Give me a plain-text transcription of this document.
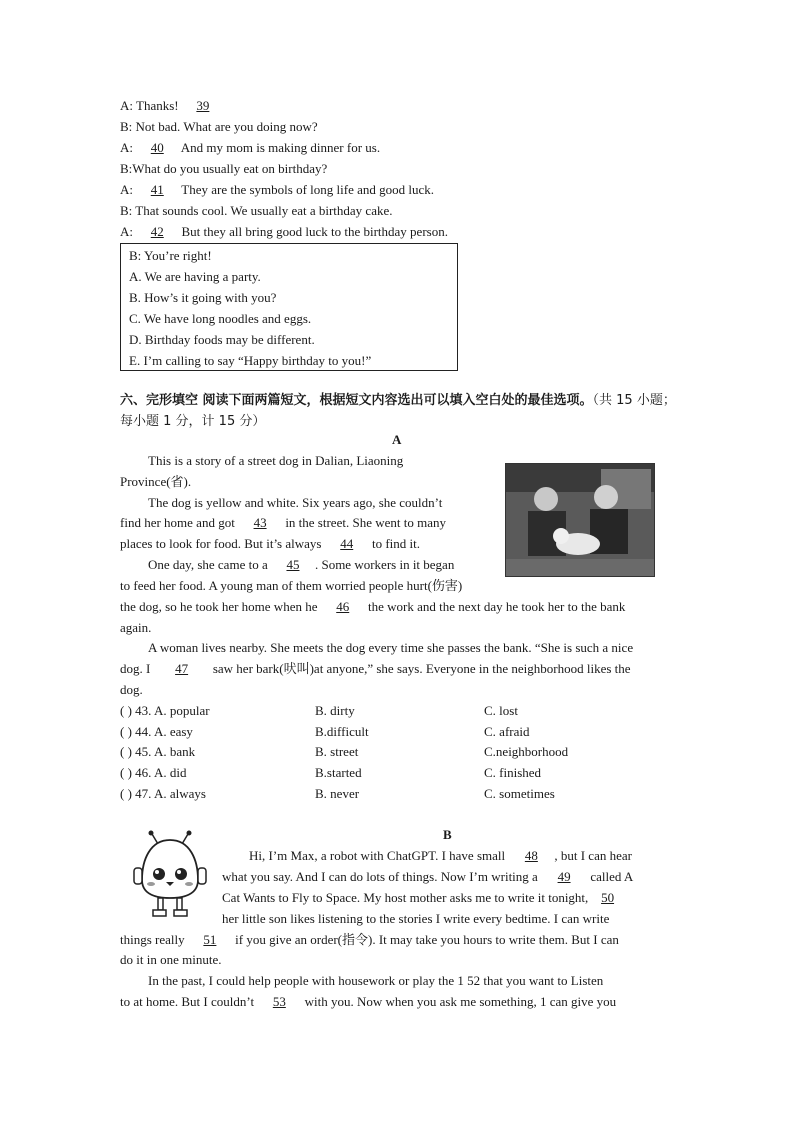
A: Thanks! 39
B: Not bad. What are you doing now?
A: 40 And my mom is making dinner for us.
B:What do you usually eat on birthday?
A: 41 They are the symbols of long life and good luck.
B: That sounds cool. We usually eat a birthday cake.
A: 42 But they all bring good luck to the birthday person.
B: You’re right!
A. We are having a party.
B. How’s it going with you?
C. We have long noodles and eggs.
D. Birthday foods may be different.
E. I’m calling to say “Happy birthday to you!”
六、完形填空 阅读下面两篇短文，根据短文内容选出可以填入空白处的最佳选项。（共 15 小题；每小题 1 分，计 15 分）
A
This is a story of a street dog in Dalian, Liaoning
Province(省).
The dog is yellow and white. Six years ago, she couldn’t
find her home and got 43 in the street. She went to many
places to look for food. But it’s always 44 to find it.
One day, she came to a 45. Some workers in it began
to feed her food. A young man of them worried people hurt(伤害)
the dog, so he took her home when he 46 the work and the next day he took her to the bank
again.
A woman lives nearby. She meets the dog every time she passes the bank. “She is such a nice
dog. I 47 saw her bark(吠叫)at anyone,” she says. Everyone in the neighborhood likes the
dog.
( ) 43. A. popular	B. dirty	C. lost
( ) 44. A. easy	B.difficult	C. afraid
( ) 45. A. bank	B. street	C.neighborhood
( ) 46. A. did	B.started	C. finished
( ) 47. A. always	B. never	C. sometimes
B
Hi, I’m Max, a robot with ChatGPT. I have small 48, but I can hear
what you say. And I can do lots of things. Now I’m writing a 49 called A
Cat Wants to Fly to Space. My host mother asks me to write it tonight, 50
her little son likes listening to the stories I write every bedtime. I can write
things really 51 if you give an order(指令). It may take you hours to write them. But I can
do it in one minute.
In the past, I could help people with housework or play the 1 52 that you want to Listen
to at home. But I couldn’t 53 with you. Now when you ask me something, 1 can give you
